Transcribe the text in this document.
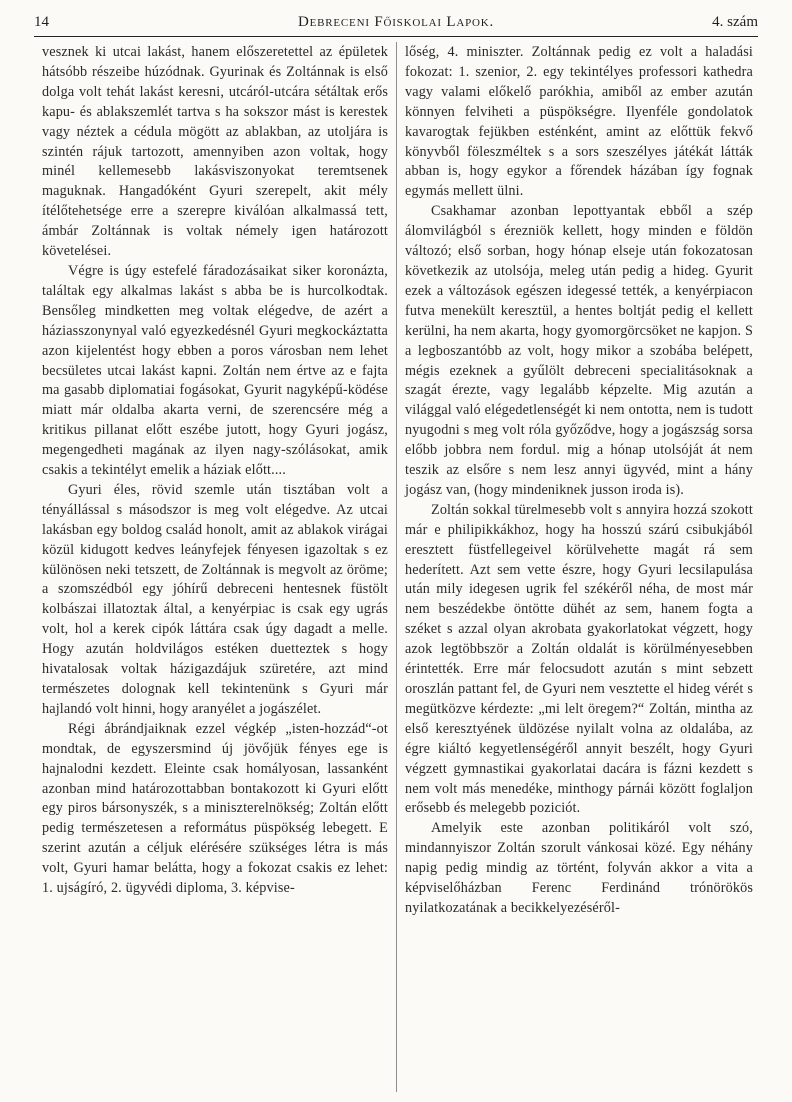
14	Debreceni Főiskolai Lapok.	4. szám

vesznek ki utcai lakást, hanem előszeretettel az épületek hátsóbb részeibe húzódnak. Gyurinak és Zoltánnak is első dolga volt tehát lakást keresni, utcáról-utcára sétáltak erős kapu- és ablakszemlét tartva s ha sokszor mást is kerestek vagy néztek a cédula mögött az ablakban, az utoljára is szintén rájuk tartozott, amennyiben azon voltak, hogy minél kellemesebb lakásviszonyokat teremtsenek maguknak. Hangadóként Gyuri szerepelt, akit mély ítélőtehetsége erre a szerepre kiválóan alkalmassá tett, ámbár Zoltánnak is voltak némely igen határozott követelései.

Végre is úgy estefelé fáradozásaikat siker koronázta, találtak egy alkalmas lakást s abba be is hurcolkodtak. Bensőleg mindketten meg voltak elégedve, de azért a háziasszonynyal való egyezkedésnél Gyuri megkockáztatta azon kijelentést hogy ebben a poros városban nem lehet becsületes utcai lakást kapni. Zoltán nem értve az e fajta ma gasabb diplomatiai fogásokat, Gyurit nagyképű-ködése miatt már oldalba akarta verni, de szerencsére még a kritikus pillanat előtt eszébe jutott, hogy Gyuri jogász, megengedheti magának az ilyen nagy-szólásokat, amik csakis a tekintélyt emelik a háziak előtt....

Gyuri éles, rövid szemle után tisztában volt a tényállással s másodszor is meg volt elégedve. Az utcai lakásban egy boldog család honolt, amit az ablakok virágai közül kidugott kedves leányfejek fényesen igazoltak s ez különösen neki tetszett, de Zoltánnak is megvolt az öröme; a szomszédból egy jóhírű debreceni hentesnek füstölt kolbászai illatoztak által, a kenyérpiac is csak egy ugrás volt, hol a kerek cipók láttára csak úgy dagadt a melle. Hogy azután holdvilágos estéken duetteztek s hogy hivatalosak voltak házigazdájuk szüretére, azt mind természetes dolognak kell tekintenünk s Gyuri már hajlandó volt hinni, hogy aranyélet a jogászélet.

Régi ábrándjaiknak ezzel végkép „isten-hozzád“-ot mondtak, de egyszersmind új jövőjük fényes ege is hajnalodni kezdett. Eleinte csak homályosan, lassanként azonban mind határozottabban bontakozott ki Gyuri előtt egy piros bársonyszék, s a miniszterelnökség; Zoltán előtt pedig természetesen a református püspökség lebegett. E szerint azután a céljuk elérésére szükséges létra is más volt, Gyuri hamar belátta, hogy a fokozat csakis ez lehet: 1. ujságíró, 2. ügyvédi diploma, 3. képvise-

lőség, 4. miniszter. Zoltánnak pedig ez volt a haladási fokozat: 1. szenior, 2. egy tekintélyes professori kathedra vagy valami előkelő parókhia, amiből az ember azután könnyen felviheti a püspökségre. Ilyenféle gondolatok kavarogtak fejükben esténként, amint az előttük fekvő könyvből föleszméltek s a sors szeszélyes játékát látták abban is, hogy egykor a főrendek házában így fognak egymás mellett ülni.

Csakhamar azonban lepottyantak ebből a szép álomvilágból s érezniök kellett, hogy minden e földön változó; első sorban, hogy hónap elseje után fokozatosan következik az utolsója, meleg után pedig a hideg. Gyurit ezek a változások egészen idegessé tették, a kenyérpiacon futva menekült keresztül, a hentes boltját pedig el kellett kerülni, ha nem akarta, hogy gyomorgörcsöket ne kapjon. S a legboszantóbb az volt, hogy mikor a szobába belépett, mégis ezeknek a gyűlölt debreceni specialitásoknak a szagát érezte, vagy legalább képzelte. Mig azután a világgal való elégedetlenségét ki nem ontotta, nem is tudott nyugodni s meg volt róla győződve, hogy a jogászság sorsa előbb jobbra nem fordul. mig a hónap utolsóját át nem teszik az elsőre s nem lesz annyi ügyvéd, mint a hány jogász van, (hogy mindeniknek jusson iroda is).

Zoltán sokkal türelmesebb volt s annyira hozzá szokott már e philipikkákhoz, hogy ha hosszú szárú csibukjából eresztett füstfellegeivel körülvehette magát rá sem hederített. Azt sem vette észre, hogy Gyuri lecsilapulása után mily idegesen ugrik fel székéről néha, de most már nem beszédekbe öntötte dühét az sem, hanem fogta a széket s azzal olyan akrobata gyakorlatokat végzett, hogy azok legtöbbször a Zoltán oldalát is körülményesebben érintették. Erre már felocsudott azután s mint sebzett oroszlán pattant fel, de Gyuri nem vesztette el hideg vérét s megütközve kérdezte: „mi lelt öregem?“ Zoltán, mintha az első keresztyének üldözése nyilalt volna az oldalába, az égre kiáltó kegyetlenségéről annyit beszélt, hogy Gyuri végzett gymnastikai gyakorlatai dacára is fázni kezdett s nem volt más menedéke, minthogy párnái között foglaljon erősebb és melegebb poziciót.

Amelyik este azonban politikáról volt szó, mindannyiszor Zoltán szorult vánkosai közé. Egy néhány napig pedig mindig az történt, folyván akkor a vita a képviselőházban Ferenc Ferdinánd trónörökös nyilatkozatának a becikkelyezéséről-
